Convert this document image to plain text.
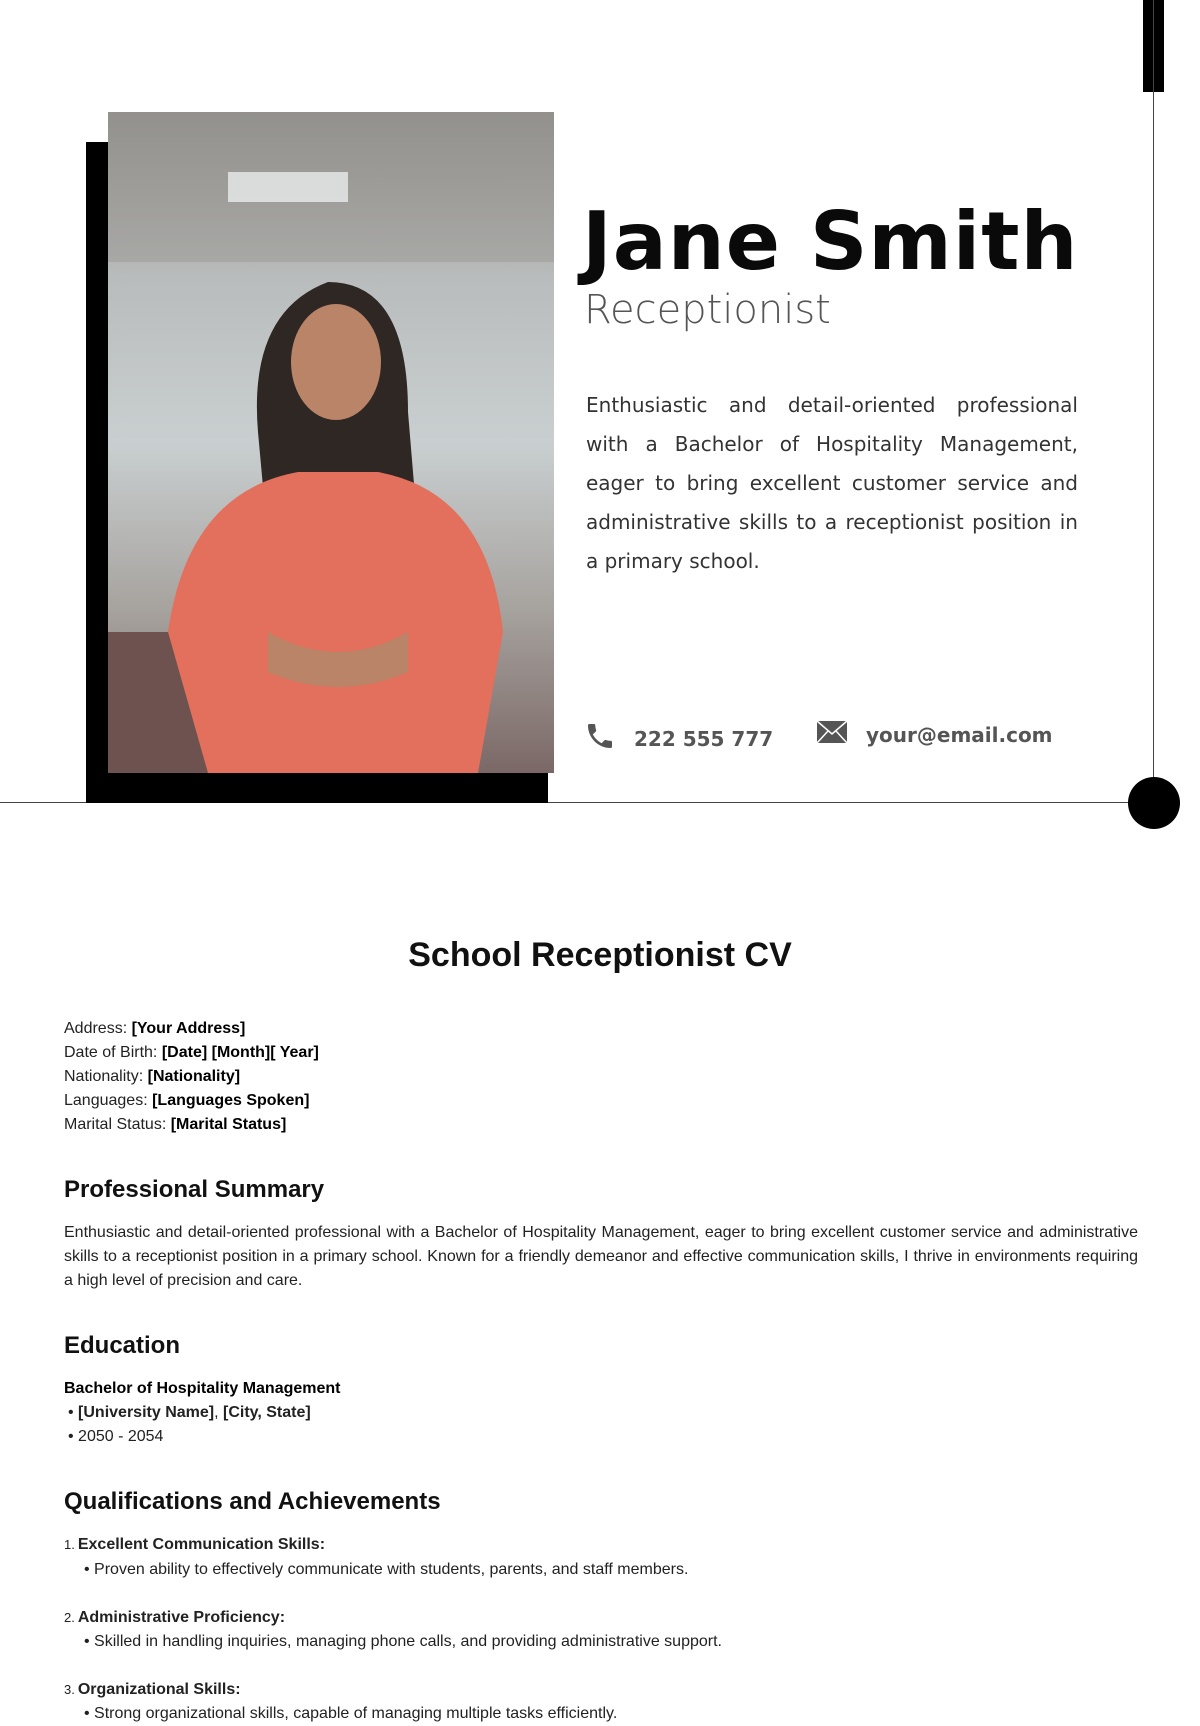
Jane Smith
Receptionist
Enthusiastic and detail-oriented professional with a Bachelor of Hospitality Management, eager to bring excellent customer service and administrative skills to a receptionist position in a primary school.
222 555 777	your@email.com
School Receptionist CV
Address: [Your Address]
Date of Birth: [Date] [Month][ Year]
Nationality: [Nationality]
Languages: [Languages Spoken]
Marital Status: [Marital Status]
Professional Summary
Enthusiastic and detail-oriented professional with a Bachelor of Hospitality Management, eager to bring excellent customer service and administrative skills to a receptionist position in a primary school. Known for a friendly demeanor and effective communication skills, I thrive in environments requiring a high level of precision and care.
Education
Bachelor of Hospitality Management
• [University Name], [City, State]
• 2050 - 2054
Qualifications and Achievements
$^{1.}$ Excellent Communication Skills:
• Proven ability to effectively communicate with students, parents, and staff members.
$^{2.}$ Administrative Proficiency:
• Skilled in handling inquiries, managing phone calls, and providing administrative support.
$^{3.}$ Organizational Skills:
• Strong organizational skills, capable of managing multiple tasks efficiently.
